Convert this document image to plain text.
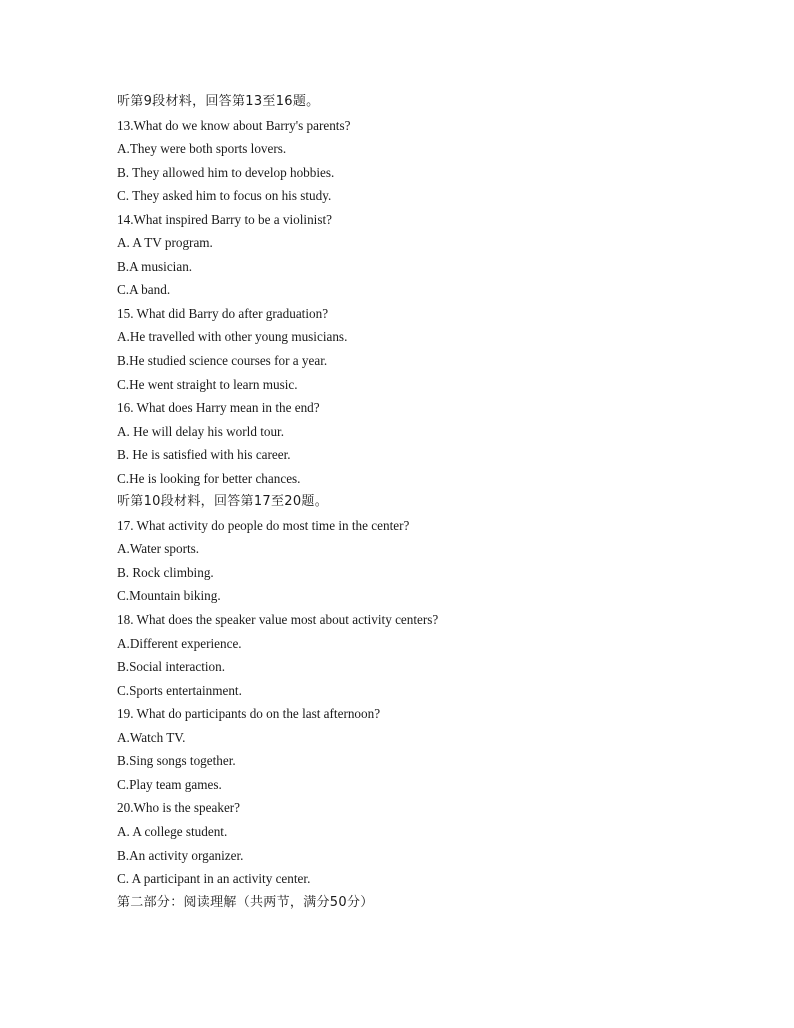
听第9段材料，回答第13至16题。
13.What do we know about Barry's parents?
A.They were both sports lovers.
B. They allowed him to develop hobbies.
C. They asked him to focus on his study.
14.What inspired Barry to be a violinist?
A. A TV program.
B.A musician.
C.A band.
15. What did Barry do after graduation?
A.He travelled with other young musicians.
B.He studied science courses for a year.
C.He went straight to learn music.
16. What does Harry mean in the end?
A. He will delay his world tour.
B. He is satisfied with his career.
C.He is looking for better chances.
听第10段材料，回答第17至20题。
17. What activity do people do most time in the center?
A.Water sports.
B. Rock climbing.
C.Mountain biking.
18. What does the speaker value most about activity centers?
A.Different experience.
B.Social interaction.
C.Sports entertainment.
19. What do participants do on the last afternoon?
A.Watch TV.
B.Sing songs together.
C.Play team games.
20.Who is the speaker?
A. A college student.
B.An activity organizer.
C. A participant in an activity center.
第二部分：阅读理解（共两节，满分50分）
